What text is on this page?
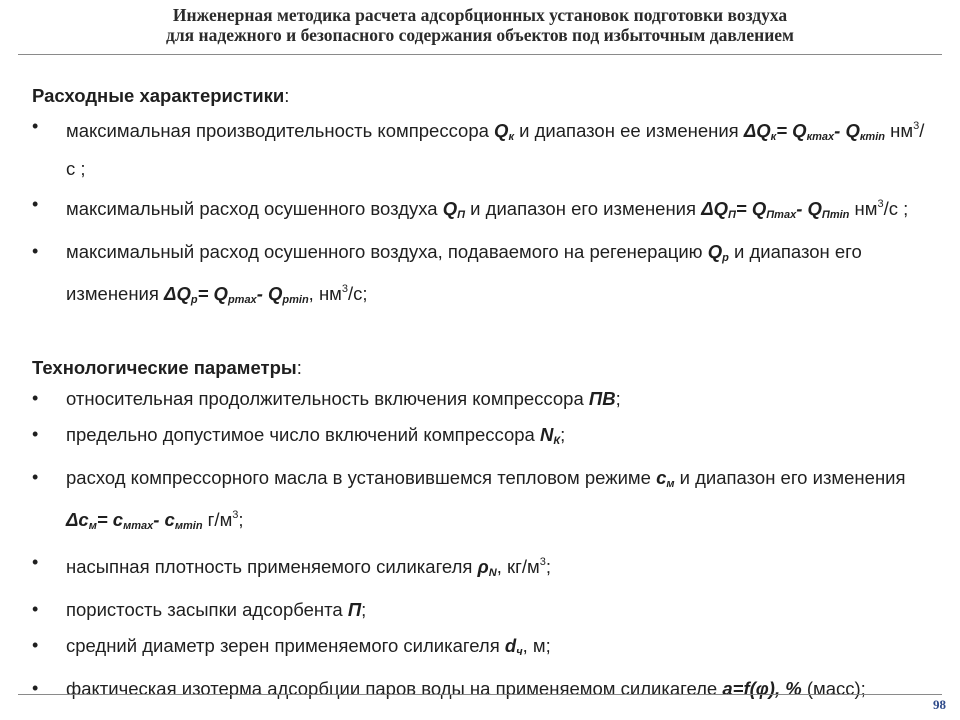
Инженерная методика расчета адсорбционных установок подготовки воздуха
для надежного и безопасного содержания объектов под избыточным давлением

Расходные характеристики:

• максимальная производительность компрессора $Q_к$ и диапазон ее изменения $\Delta Q_к= Q_{кmax}-$ $Q_{кmin}$ $нм^3/с$ ;
• максимальный расход осушенного воздуха $Q_П$ и диапазон его изменения $\Delta Q_П= Q_{Пmax}-$ $Q_{Пmin}$ $нм^3/с$ ;
• максимальный расход осушенного воздуха, подаваемого на регенерацию $Q_р$ и диапазон его изменения $\Delta Q_р= Q_{рmax}-$ $Q_{рmin}$, $нм^3/с$;

Технологические параметры:

• относительная продолжительность включения компрессора ПВ;
• предельно допустимое число включений компрессора $N_К$;
• расход компрессорного масла в установившемся тепловом режиме $с_м$ и диапазон его изменения $\Delta с_м= с_{мmax}-$ $с_{мmin}$ $г/м^3$;
• насыпная плотность применяемого силикагеля $\rho_N$, $кг/м^3$;
• пористость засыпки адсорбента П;
• средний диаметр зерен применяемого силикагеля $d_ч$, м;
• фактическая изотерма адсорбции паров воды на применяемом силикагеле a=f(φ), % (масс);
98
